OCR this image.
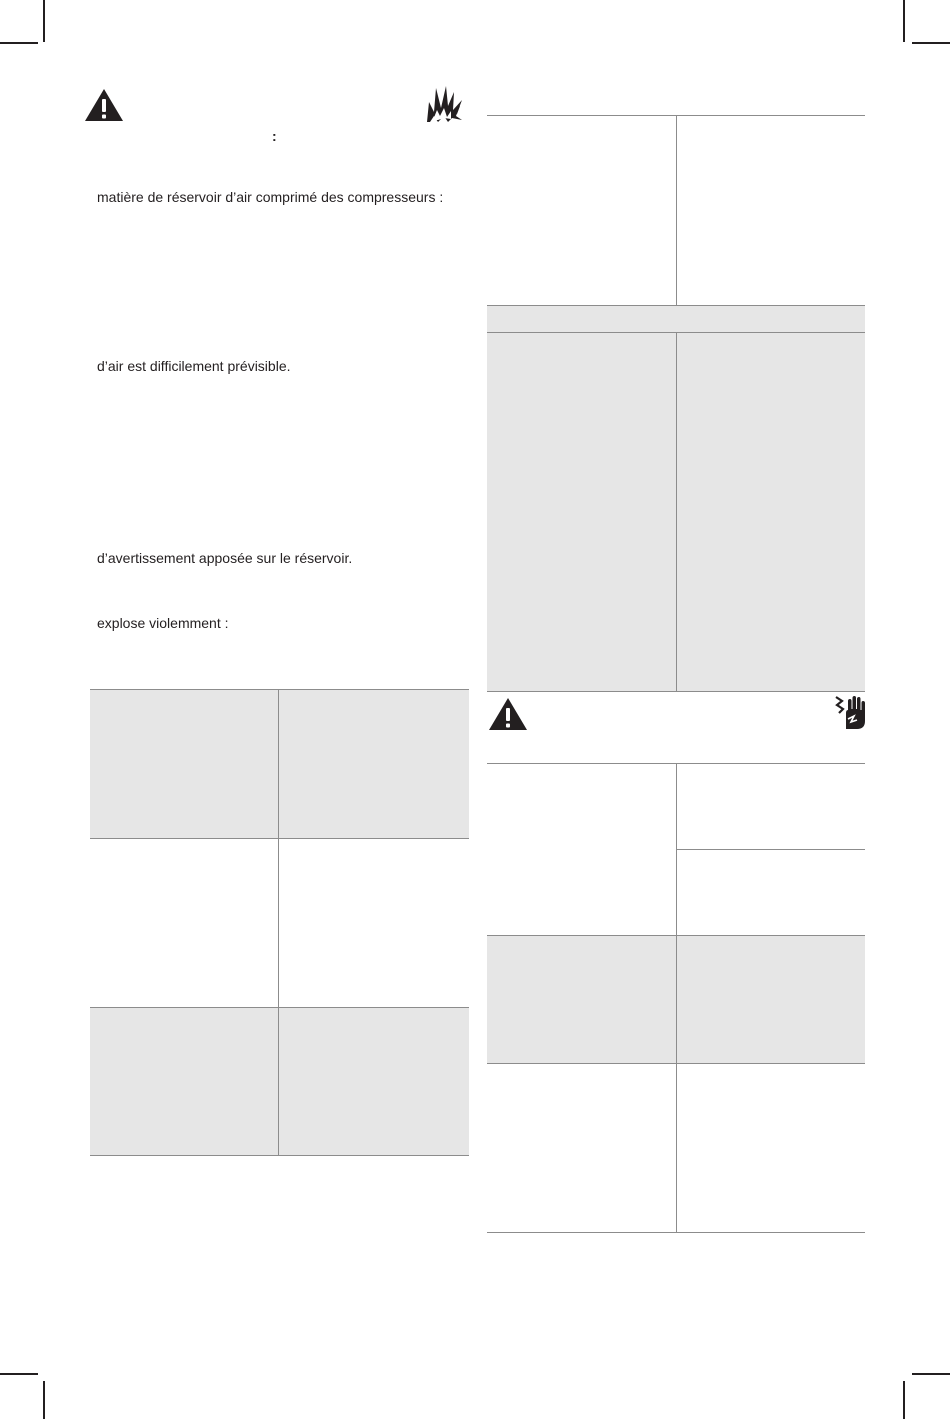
:
matière de réservoir d’air comprimé des compresseurs :
d’air est difficilement prévisible.
d’avertissement apposée sur le réservoir.
explose violemment :
